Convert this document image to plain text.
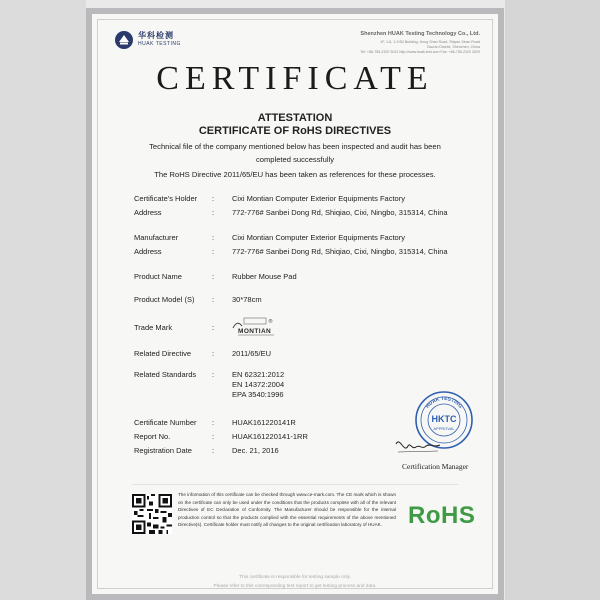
华科检测
HUAK TESTING
Shenzhen HUAK Testing Technology Co., Ltd.
1F, 1-8, 1-9 B2 Building, Hong Shan Road, Shiyan Xinan Road
Bao'an District, Shenzhen, China
Tel: +86-755-2320 3022 http://www.huak-test.com Fax: +86-755-2320 3029
CERTIFICATE
ATTESTATION
CERTIFICATE OF RoHS DIRECTIVES
Technical file of the company mentioned below has been inspected and audit has been completed successfully
The RoHS Directive 2011/65/EU has been taken as references for these processes.
Certificate's Holder : Cixi Montian Computer Exterior Equipments Factory
Address	: 772-776# Sanbei Dong Rd, Shiqiao, Cixi, Ningbo, 315314, China
Manufacturer	: Cixi Montian Computer Exterior Equipments Factory
Address	: 772-776# Sanbei Dong Rd, Shiqiao, Cixi, Ningbo, 315314, China
Product Name	: Rubber Mouse Pad
Product Model (S) : 30*78cm
Trade Mark	:
®
MONTIAN
Related Directive	: 2011/65/EU
Related Standards : EN 62321:2012
EN 14372:2004
EPA 3540:1996
Certificate Number : HUAK161220141R
Report No.	: HUAK161220141-1RR
Registration Date	: Dec. 21, 2016
HUAK TESTING
HKTC
APPROVAL
Certification Manager
The information of this certificate can be checked through www.ce-mark.com. The CE mark which is shown on the certificate can only be used under the conditions that the products complete with all of the relevant Directives of EC Declaration of Conformity. The Manufacturer should be responsible for the internal production control so that the products complied with the essential requirements of the above mentioned Directive(s). Certificate holder must notify all changes to the original certification laboratory of HUAK.	RoHS
This certificate is responsible for testing sample only.
Please refer to this corresponding test report to get testing process and data.
